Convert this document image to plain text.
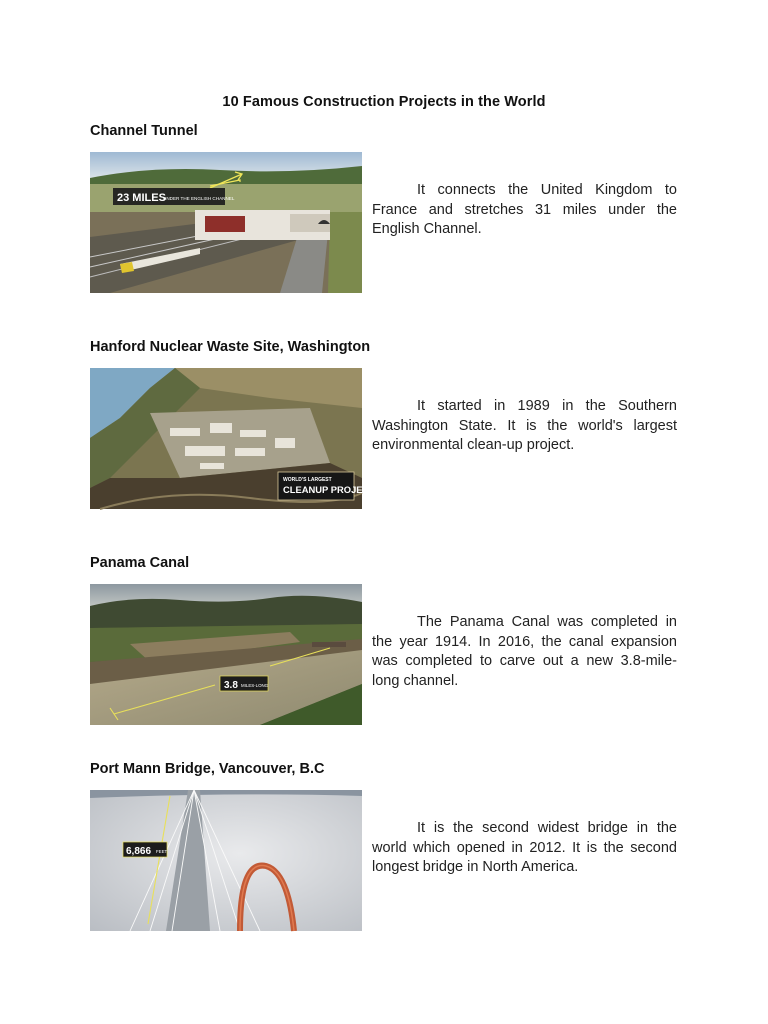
10 Famous Construction Projects in the World
Channel Tunnel
23 MILES
UNDER THE ENGLISH CHANNEL
It connects the United Kingdom to France and stretches 31 miles under the English Channel.
Hanford Nuclear Waste Site, Washington
WORLD'S LARGEST
CLEANUP PROJECT
It started in 1989 in the Southern Washington State. It is the world's largest environmental clean-up project.
Panama Canal
3.8 MILES-LONG
The Panama Canal was completed in the year 1914. In 2016, the canal expansion was completed to carve out a new 3.8-mile-long channel.
Port Mann Bridge, Vancouver, B.C
6,866 FEET
It is the second widest bridge in the world which opened in 2012. It is the second longest bridge in North America.
